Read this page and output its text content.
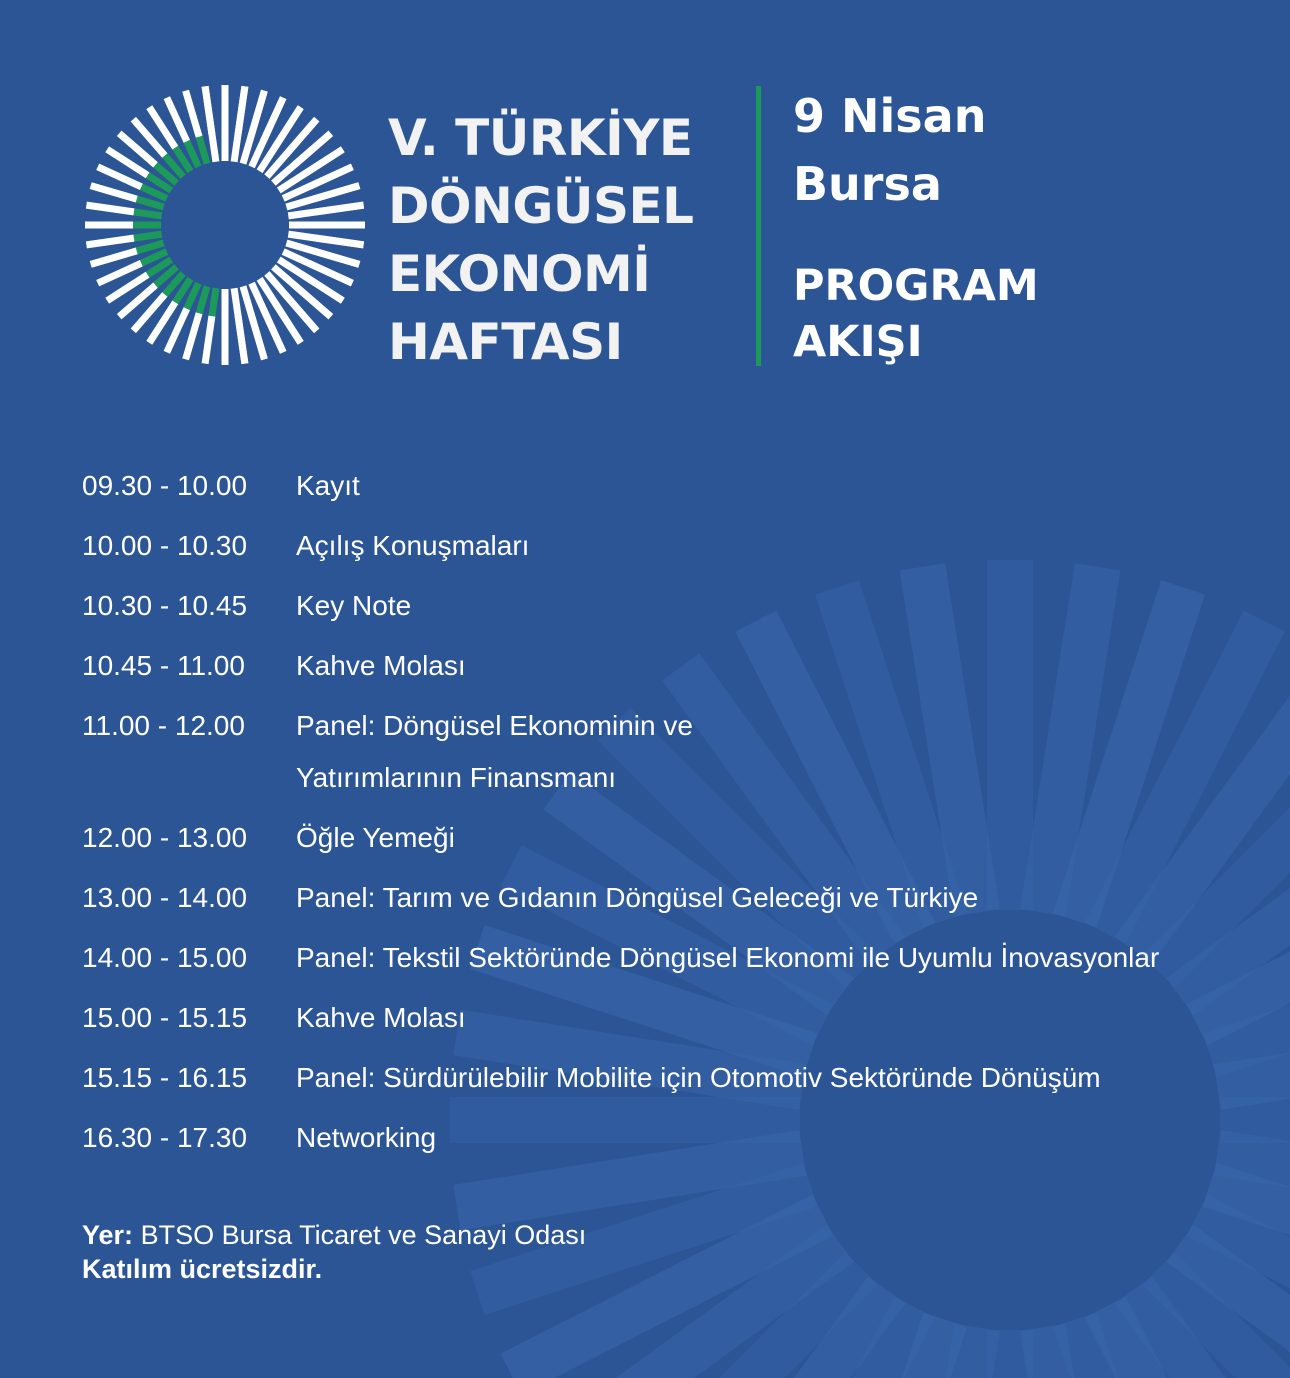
V. TÜRKİYE
DÖNGÜSEL
EKONOMİ
HAFTASI
9 Nisan
Bursa
PROGRAM
AKIŞI
09.30 - 10.00	Kayıt
10.00 - 10.30	Açılış Konuşmaları
10.30 - 10.45	Key Note
10.45 - 11.00	Kahve Molası
11.00 - 12.00	Panel: Döngüsel Ekonominin ve
Yatırımlarının Finansmanı
12.00 - 13.00	Öğle Yemeği
13.00 - 14.00	Panel: Tarım ve Gıdanın Döngüsel Geleceği ve Türkiye
14.00 - 15.00	Panel: Tekstil Sektöründe Döngüsel Ekonomi ile Uyumlu İnovasyonlar
15.00 - 15.15	Kahve Molası
15.15 - 16.15	Panel: Sürdürülebilir Mobilite için Otomotiv Sektöründe Dönüşüm
16.30 - 17.30	Networking
Yer: BTSO Bursa Ticaret ve Sanayi Odası
Katılım ücretsizdir.
